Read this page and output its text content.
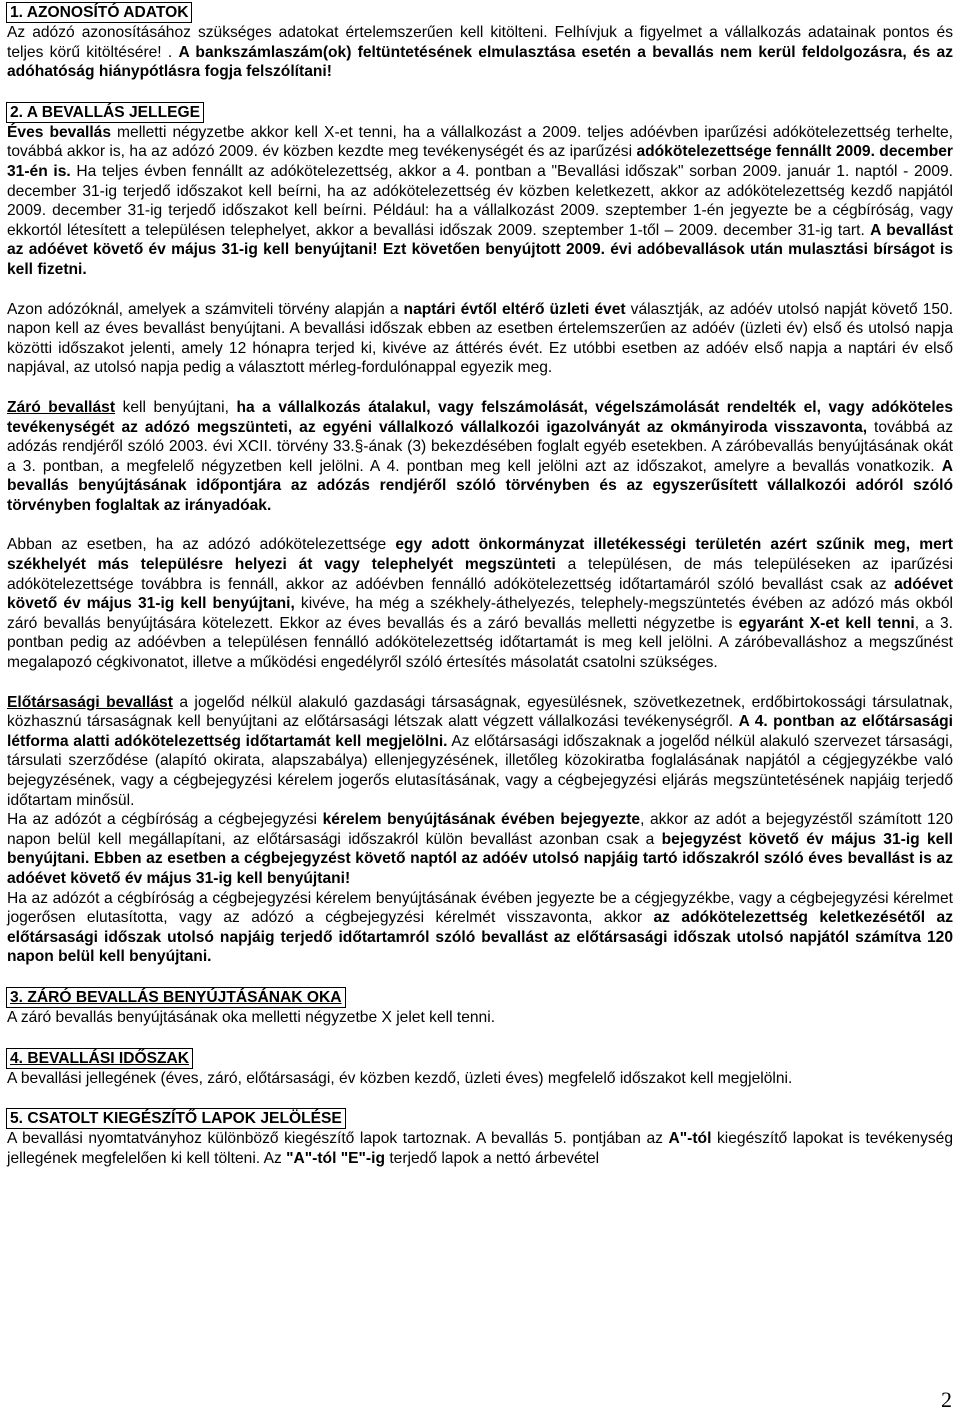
1. AZONOSÍTÓ ADATOK

Az adózó azonosításához szükséges adatokat értelemszerűen kell kitölteni. Felhívjuk a figyelmet a vállalkozás adatainak pontos és teljes körű kitöltésére! . A bankszámlaszám(ok) feltüntetésének elmulasztása esetén a bevallás nem kerül feldolgozásra, és az adóhatóság hiánypótlásra fogja felszólítani!

2. A BEVALLÁS JELLEGE

Éves bevallás melletti négyzetbe akkor kell X-et tenni, ha a vállalkozást a 2009. teljes adóévben iparűzési adókötelezettség terhelte, továbbá akkor is, ha az adózó 2009. év közben kezdte meg tevékenységét és az iparűzési adókötelezettsége fennállt 2009. december 31-én is. Ha teljes évben fennállt az adókötelezettség, akkor a 4. pontban a "Bevallási időszak" sorban 2009. január 1. naptól - 2009. december 31-ig terjedő időszakot kell beírni, ha az adókötelezettség év közben keletkezett, akkor az adókötelezettség kezdő napjától 2009. december 31-ig terjedő időszakot kell beírni. Például: ha a vállalkozást 2009. szeptember 1-én jegyezte be a cégbíróság, vagy ekkortól létesített a településen telephelyet, akkor a bevallási időszak 2009. szeptember 1-től – 2009. december 31-ig tart. A bevallást az adóévet követő év május 31-ig kell benyújtani! Ezt követően benyújtott 2009. évi adóbevallások után mulasztási bírságot is kell fizetni.

Azon adózóknál, amelyek a számviteli törvény alapján a naptári évtől eltérő üzleti évet választják, az adóév utolsó napját követő 150. napon kell az éves bevallást benyújtani. A bevallási időszak ebben az esetben értelemszerűen az adóév (üzleti év) első és utolsó napja közötti időszakot jelenti, amely 12 hónapra terjed ki, kivéve az áttérés évét. Ez utóbbi esetben az adóév első napja a naptári év első napjával, az utolsó napja pedig a választott mérleg-fordulónappal egyezik meg.

Záró bevallást kell benyújtani, ha a vállalkozás átalakul, vagy felszámolását, végelszámolását rendelték el, vagy adóköteles tevékenységét az adózó megszünteti, az egyéni vállalkozó vállalkozói igazolványát az okmányiroda visszavonta, továbbá az adózás rendjéről szóló 2003. évi XCII. törvény 33.§-ának (3) bekezdésében foglalt egyéb esetekben. A záróbevallás benyújtásának okát a 3. pontban, a megfelelő négyzetben kell jelölni. A 4. pontban meg kell jelölni azt az időszakot, amelyre a bevallás vonatkozik. A bevallás benyújtásának időpontjára az adózás rendjéről szóló törvényben és az egyszerűsített vállalkozói adóról szóló törvényben foglaltak az irányadóak.

Abban az esetben, ha az adózó adókötelezettsége egy adott önkormányzat illetékességi területén azért szűnik meg, mert székhelyét más településre helyezi át vagy telephelyét megszünteti a településen, de más településeken az iparűzési adókötelezettsége továbbra is fennáll, akkor az adóévben fennálló adókötelezettség időtartamáról szóló bevallást csak az adóévet követő év május 31-ig kell benyújtani, kivéve, ha még a székhely-áthelyezés, telephely-megszüntetés évében az adózó más okból záró bevallás benyújtására kötelezett. Ekkor az éves bevallás és a záró bevallás melletti négyzetbe is egyaránt X-et kell tenni, a 3. pontban pedig az adóévben a településen fennálló adókötelezettség időtartamát is meg kell jelölni. A záróbevalláshoz a megszűnést megalapozó cégkivonatot, illetve a működési engedélyről szóló értesítés másolatát csatolni szükséges.

Előtársasági bevallást a jogelőd nélkül alakuló gazdasági társaságnak, egyesülésnek, szövetkezetnek, erdőbirtokossági társulatnak, közhasznú társaságnak kell benyújtani az előtársasági létszak alatt végzett vállalkozási tevékenységről. A 4. pontban az előtársasági létforma alatti adókötelezettség időtartamát kell megjelölni. Az előtársasági időszaknak a jogelőd nélkül alakuló szervezet társasági, társulati szerződése (alapító okirata, alapszabálya) ellenjegyzésének, illetőleg közokiratba foglalásának napjától a cégjegyzékbe való bejegyzésének, vagy a cégbejegyzési kérelem jogerős elutasításának, vagy a cégbejegyzési eljárás megszüntetésének napjáig terjedő időtartam minősül.

Ha az adózót a cégbíróság a cégbejegyzési kérelem benyújtásának évében bejegyezte, akkor az adót a bejegyzéstől számított 120 napon belül kell megállapítani, az előtársasági időszakról külön bevallást azonban csak a bejegyzést követő év május 31-ig kell benyújtani. Ebben az esetben a cégbejegyzést követő naptól az adóév utolsó napjáig tartó időszakról szóló éves bevallást is az adóévet követő év május 31-ig kell benyújtani!

Ha az adózót a cégbíróság a cégbejegyzési kérelem benyújtásának évében jegyezte be a cégjegyzékbe, vagy a cégbejegyzési kérelmet jogerősen elutasította, vagy az adózó a cégbejegyzési kérelmét visszavonta, akkor az adókötelezettség keletkezésétől az előtársasági időszak utolsó napjáig terjedő időtartamról szóló bevallást az előtársasági időszak utolsó napjától számítva 120 napon belül kell benyújtani.

3. ZÁRÓ BEVALLÁS BENYÚJTÁSÁNAK OKA

A záró bevallás benyújtásának oka melletti négyzetbe X jelet kell tenni.

4. BEVALLÁSI IDŐSZAK

A bevallási jellegének (éves, záró, előtársasági, év közben kezdő, üzleti éves) megfelelő időszakot kell megjelölni.

5. CSATOLT KIEGÉSZÍTŐ LAPOK JELÖLÉSE

A bevallási nyomtatványhoz különböző kiegészítő lapok tartoznak. A bevallás 5. pontjában az A"-tól kiegészítő lapokat is tevékenység jellegének megfelelően ki kell tölteni. Az "A"-tól "E"-ig terjedő lapok a nettó árbevétel

2
